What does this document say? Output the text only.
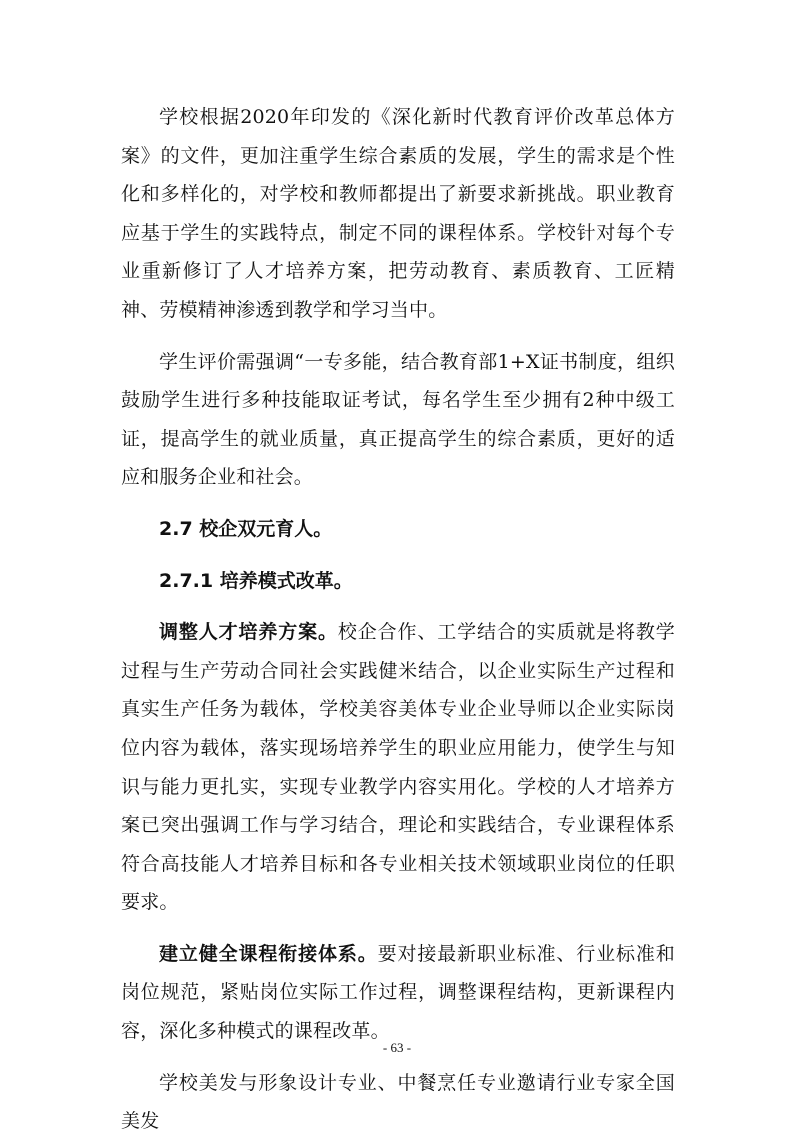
学校根据2020年印发的《深化新时代教育评价改革总体方案》的文件，更加注重学生综合素质的发展，学生的需求是个性化和多样化的，对学校和教师都提出了新要求新挑战。职业教育应基于学生的实践特点，制定不同的课程体系。学校针对每个专业重新修订了人才培养方案，把劳动教育、素质教育、工匠精神、劳模精神渗透到教学和学习当中。

学生评价需强调“一专多能，结合教育部1+X证书制度，组织鼓励学生进行多种技能取证考试，每名学生至少拥有2种中级工证，提高学生的就业质量，真正提高学生的综合素质，更好的适应和服务企业和社会。

2.7 校企双元育人。

2.7.1 培养模式改革。

调整人才培养方案。校企合作、工学结合的实质就是将教学过程与生产劳动合同社会实践健米结合，以企业实际生产过程和真实生产任务为载体，学校美容美体专业企业导师以企业实际岗位内容为载体，落实现场培养学生的职业应用能力，使学生与知识与能力更扎实，实现专业教学内容实用化。学校的人才培养方案已突出强调工作与学习结合，理论和实践结合，专业课程体系符合高技能人才培养目标和各专业相关技术领域职业岗位的任职要求。

建立健全课程衔接体系。要对接最新职业标准、行业标准和岗位规范，紧贴岗位实际工作过程，调整课程结构，更新课程内容，深化多种模式的课程改革。

学校美发与形象设计专业、中餐烹任专业邀请行业专家全国美发

- 63 -
